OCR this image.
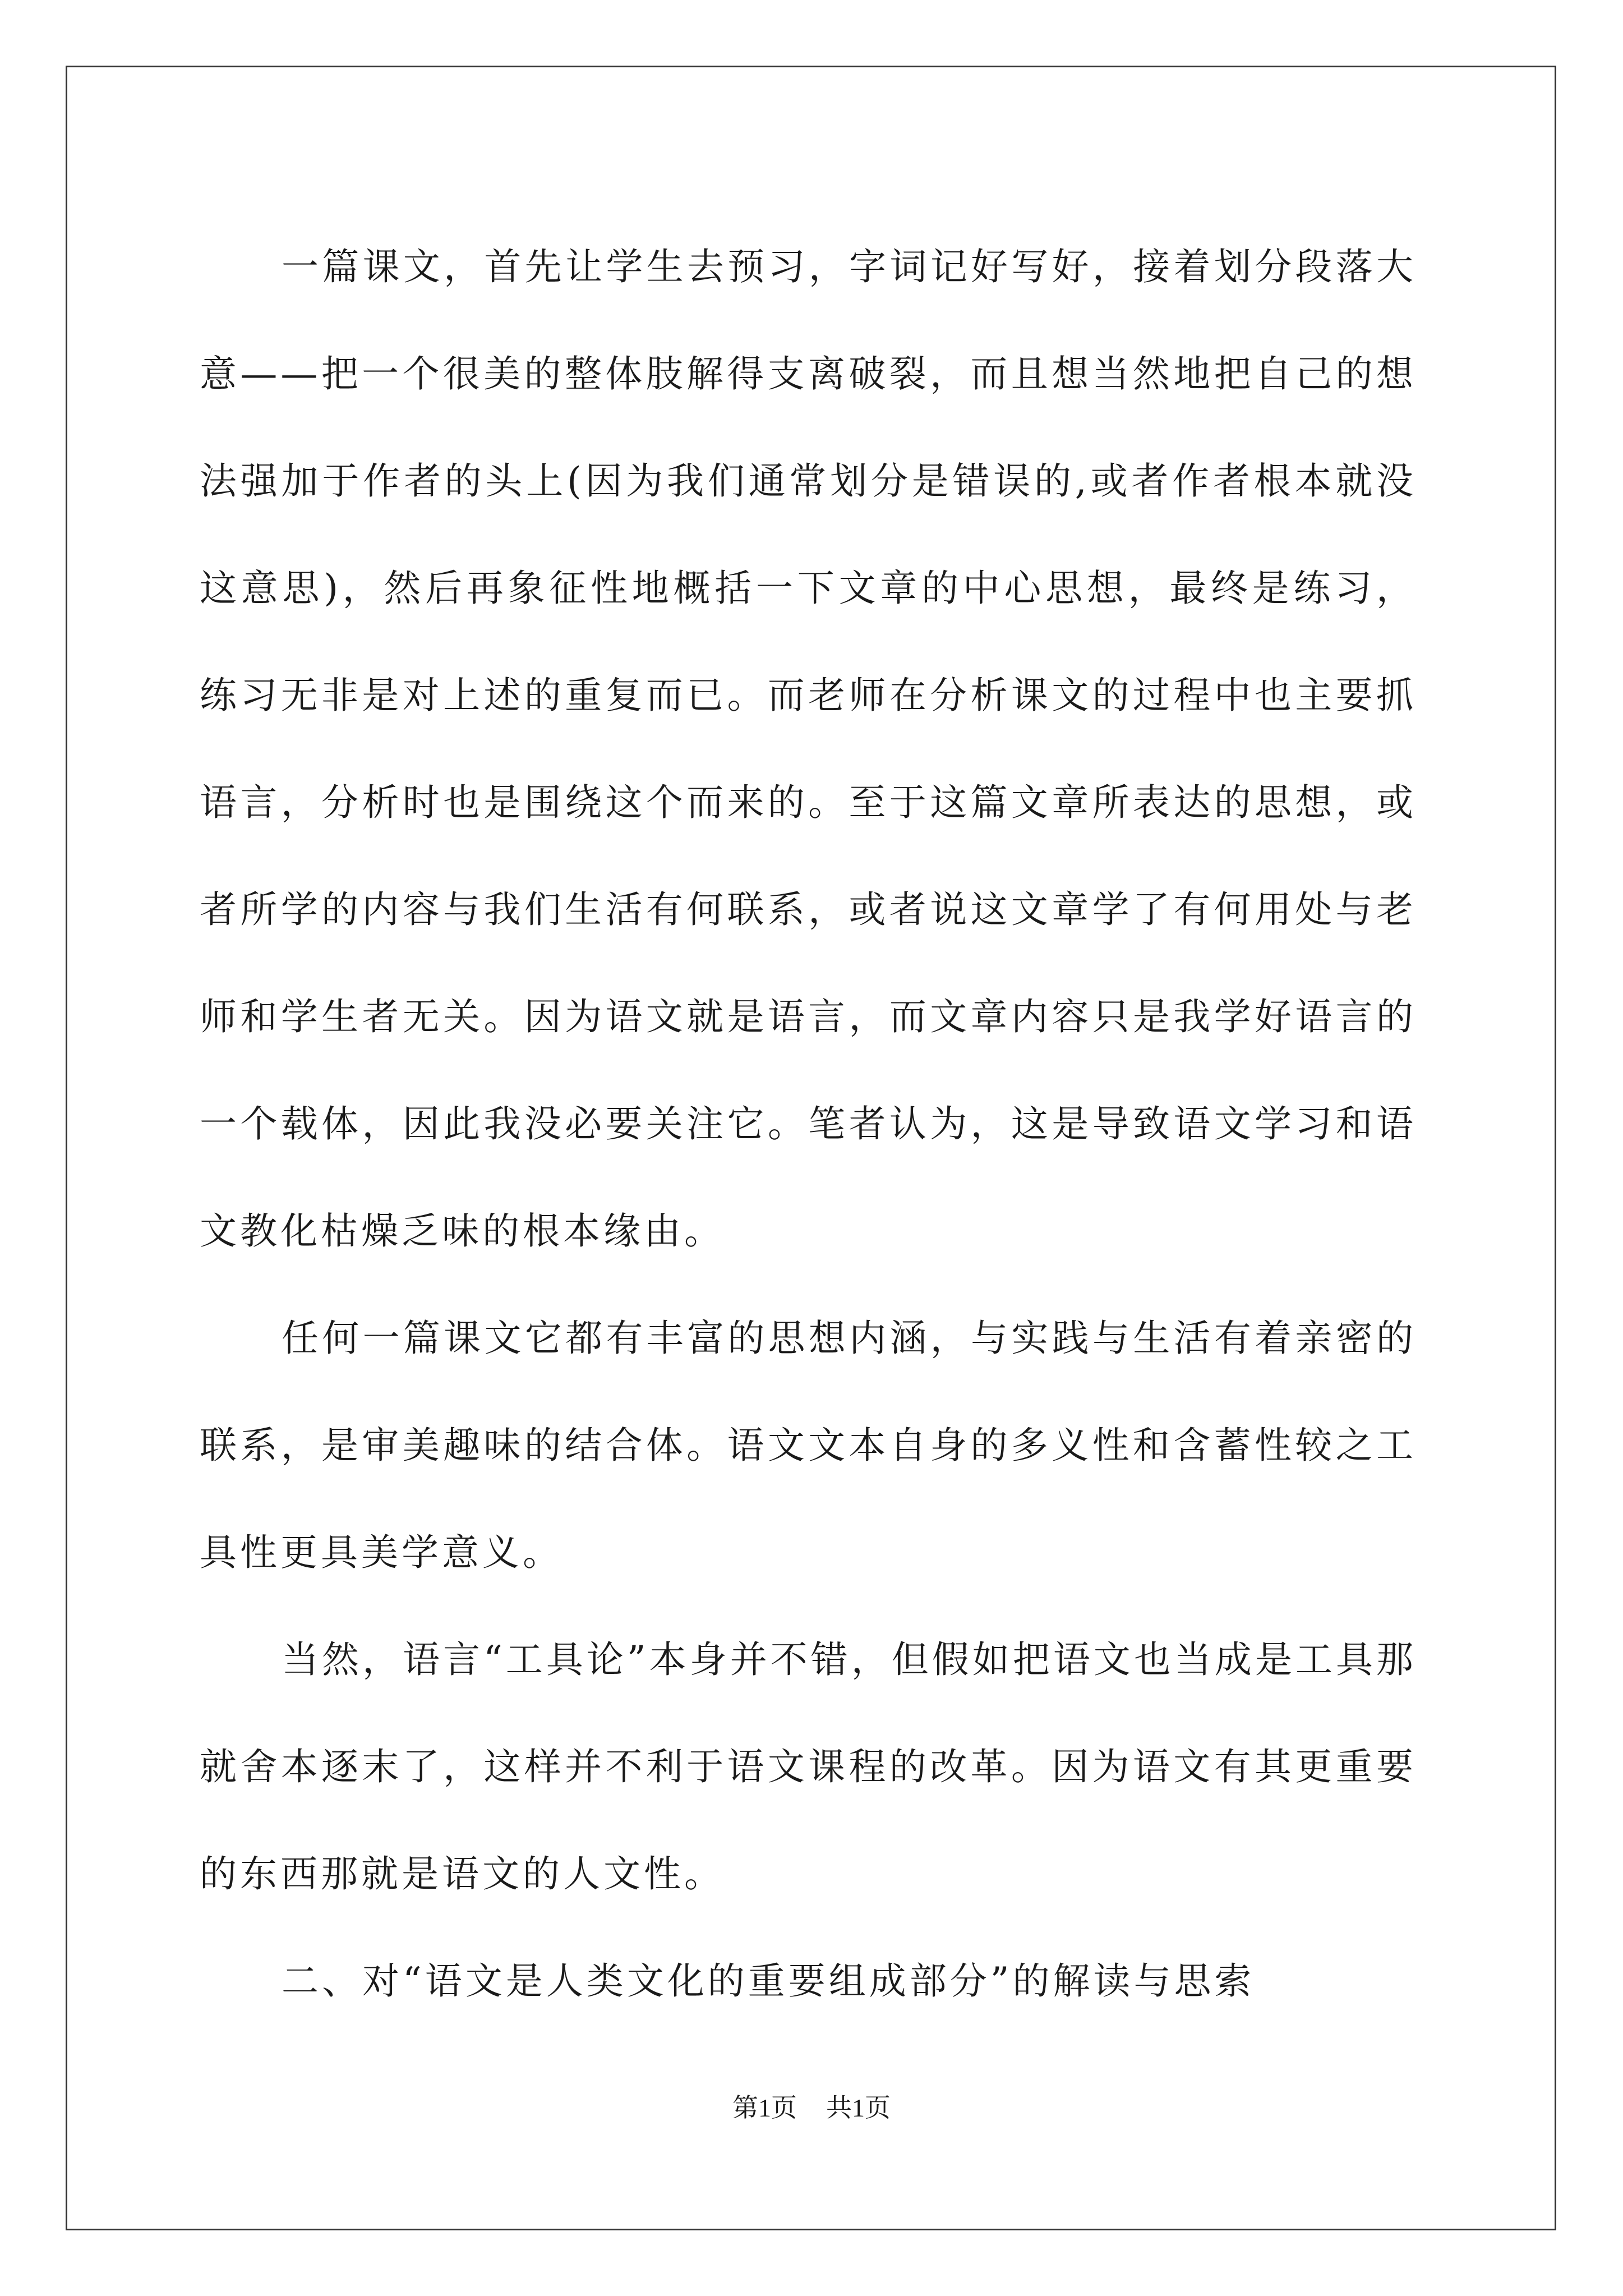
一篇课文，首先让学生去预习，字词记好写好，接着划分段落大意——把一个很美的整体肢解得支离破裂，而且想当然地把自己的想法强加于作者的头上(因为我们通常划分是错误的,或者作者根本就没这意思)，然后再象征性地概括一下文章的中心思想，最终是练习，练习无非是对上述的重复而已。而老师在分析课文的过程中也主要抓语言，分析时也是围绕这个而来的。至于这篇文章所表达的思想，或者所学的内容与我们生活有何联系，或者说这文章学了有何用处与老师和学生者无关。因为语文就是语言，而文章内容只是我学好语言的一个载体，因此我没必要关注它。笔者认为，这是导致语文学习和语文教化枯燥乏味的根本缘由。

任何一篇课文它都有丰富的思想内涵，与实践与生活有着亲密的联系，是审美趣味的结合体。语文文本自身的多义性和含蓄性较之工具性更具美学意义。

当然，语言“工具论”本身并不错，但假如把语文也当成是工具那就舍本逐末了，这样并不利于语文课程的改革。因为语文有其更重要的东西那就是语文的人文性。

二、对“语文是人类文化的重要组成部分”的解读与思索

第1页 共1页
